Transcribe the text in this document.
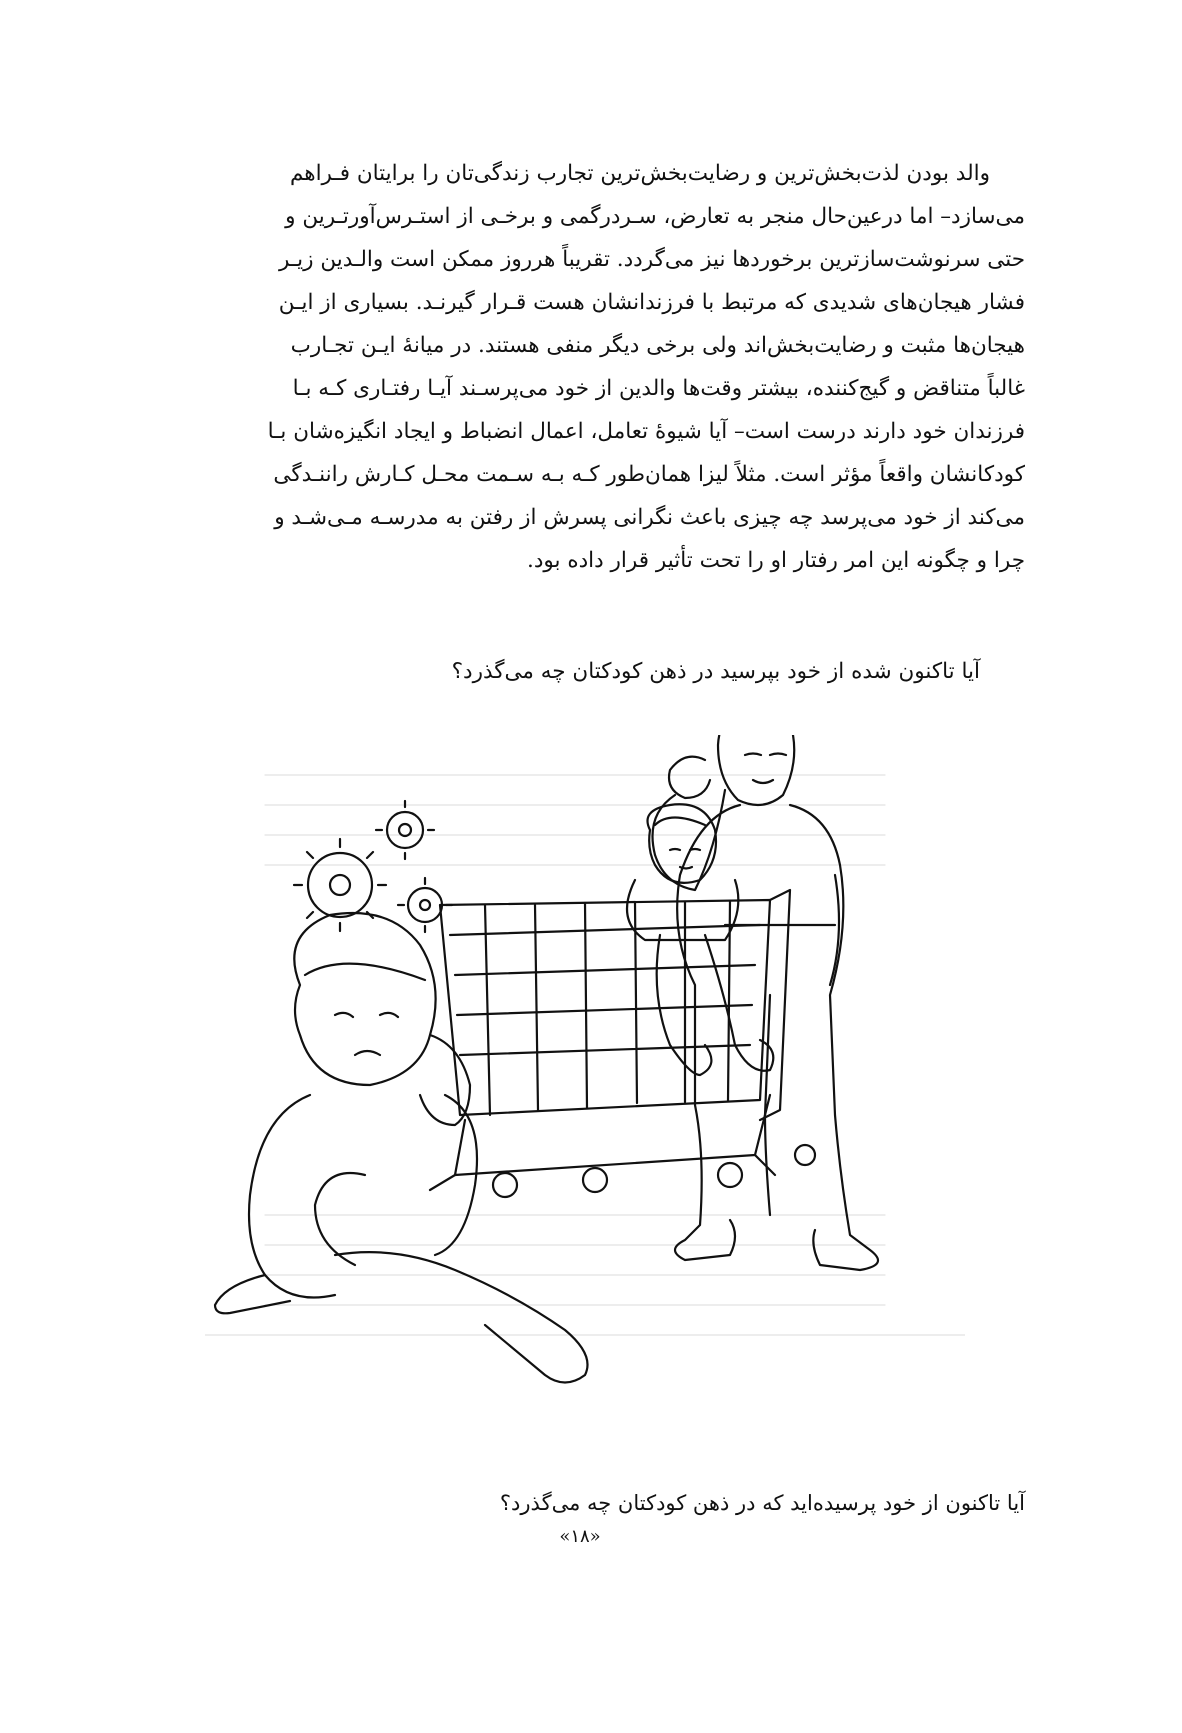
والد بودن لذت‌بخش‌ترین و رضایت‌بخش‌ترین تجارب زندگی‌تان را برایتان فـراهم
می‌سازد– اما درعین‌حال منجر به تعارض، سـردرگمی و برخـی از استـرس‌آورتـرین و
حتی سرنوشت‌سازترین برخوردها نیز می‌گردد. تقریباً هرروز ممکن است والـدین زیـر
فشار هیجان‌های شدیدی که مرتبط با فرزندانشان هست قـرار گیرنـد. بسیاری از ایـن
هیجان‌ها مثبت و رضایت‌بخش‌اند ولی برخی دیگر منفی هستند. در میانهٔ ایـن تجـارب
غالباً متناقض و گیج‌کننده، بیشتر وقت‌ها والدین از خود می‌پرسـند آیـا رفتـاری کـه بـا
فرزندان خود دارند درست است– آیا شیوهٔ تعامل، اعمال انضباط و ایجاد انگیزه‌شان بـا
کودکانشان واقعاً مؤثر است. مثلاً لیزا همان‌طور کـه بـه سـمت محـل کـارش راننـدگی
می‌کند از خود می‌پرسد چه چیزی باعث نگرانی پسرش از رفتن به مدرسـه مـی‌شـد و
چرا و چگونه این امر رفتار او را تحت تأثیر قرار داده بود.
آیا تاکنون شده از خود بپرسید در ذهن کودکتان چه می‌گذرد؟
آیا تاکنون از خود پرسیده‌اید که در ذهن کودکتان چه می‌گذرد؟
«۱۸»
